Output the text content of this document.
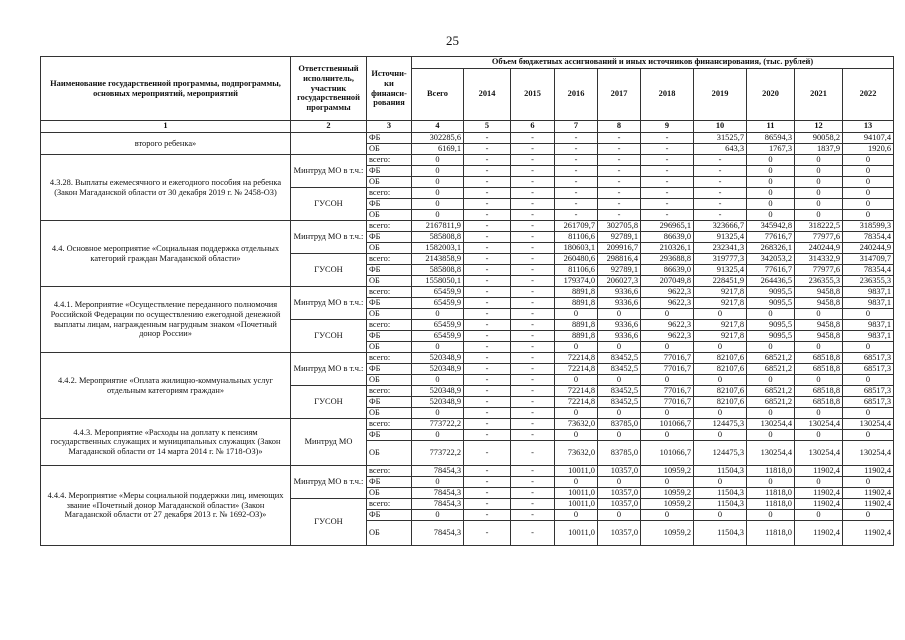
25
Наименование государственной программы, подпрограммы, основных мероприятий, мероприятий	Ответственный исполнитель, участник государственной программы	Источни-ки финанси-рования	Объем бюджетных ассигнований и иных источников финансирования, (тыс. рублей)									
			Всего	2014	2015	2016	2017	2018	2019	2020	2021	2022
1	2	3	4	5	6	7	8	9	10	11	12	13
второго ребенка»		ФБ	302285,6	-	-	-	-	-	31525,7	86594,3	90058,2	94107,4
		ОБ	6169,1	-	-	-	-	-	643,3	1767,3	1837,9	1920,6
4.3.28. Выплаты ежемесячного и ежегодного пособия на ребенка (Закон Магаданской области от 30 декабря 2019 г. № 2458-ОЗ)	Минтруд МО в т.ч.:	всего:	0	-	-	-	-	-	-	0	0	0
		ФБ	0	-	-	-	-	-	-	0	0	0
		ОБ	0	-	-	-	-	-	-	0	0	0
	ГУСОН	всего:	0	-	-	-	-	-	-	0	0	0
		ФБ	0	-	-	-	-	-	-	0	0	0
		ОБ	0	-	-	-	-	-	-	0	0	0
4.4. Основное мероприятие «Социальная поддержка отдельных категорий граждан Магаданской области»	Минтруд МО в т.ч.:	всего:	2167811,9	-	-	261709,7	302705,8	296965,1	323666,7	345942,8	318222,5	318599,3
		ФБ	585808,8	-	-	81106,6	92789,1	86639,0	91325,4	77616,7	77977,6	78354,4
		ОБ	1582003,1	-	-	180603,1	209916,7	210326,1	232341,3	268326,1	240244,9	240244,9
	ГУСОН	всего:	2143858,9	-	-	260480,6	298816,4	293688,8	319777,3	342053,2	314332,9	314709,7
		ФБ	585808,8	-	-	81106,6	92789,1	86639,0	91325,4	77616,7	77977,6	78354,4
		ОБ	1558050,1	-	-	179374,0	206027,3	207049,8	228451,9	264436,5	236355,3	236355,3
4.4.1. Мероприятие «Осуществление переданного полномочия Российской Федерации по осуществлению ежегодной денежной выплаты лицам, награжденным нагрудным знаком «Почетный донор России»	Минтруд МО в т.ч.:	всего:	65459,9	-	-	8891,8	9336,6	9622,3	9217,8	9095,5	9458,8	9837,1
		ФБ	65459,9	-	-	8891,8	9336,6	9622,3	9217,8	9095,5	9458,8	9837,1
		ОБ	0	-	-	0	0	0	0	0	0	0
	ГУСОН	всего:	65459,9	-	-	8891,8	9336,6	9622,3	9217,8	9095,5	9458,8	9837,1
		ФБ	65459,9	-	-	8891,8	9336,6	9622,3	9217,8	9095,5	9458,8	9837,1
		ОБ	0	-	-	0	0	0	0	0	0	0
4.4.2. Мероприятие «Оплата жилищно-коммунальных услуг отдельным категориям граждан»	Минтруд МО в т.ч.:	всего:	520348,9	-	-	72214,8	83452,5	77016,7	82107,6	68521,2	68518,8	68517,3
		ФБ	520348,9	-	-	72214,8	83452,5	77016,7	82107,6	68521,2	68518,8	68517,3
		ОБ	0	-	-	0	0	0	0	0	0	0
	ГУСОН	всего:	520348,9	-	-	72214,8	83452,5	77016,7	82107,6	68521,2	68518,8	68517,3
		ФБ	520348,9	-	-	72214,8	83452,5	77016,7	82107,6	68521,2	68518,8	68517,3
		ОБ	0	-	-	0	0	0	0	0	0	0
4.4.3. Мероприятие «Расходы на доплату к пенсиям государственных служащих и муниципальных служащих (Закон Магаданской области от 14 марта 2014 г. № 1718-ОЗ)»	Минтруд МО	всего:	773722,2	-	-	73632,0	83785,0	101066,7	124475,3	130254,4	130254,4	130254,4
		ФБ	0	-	-	0	0	0	0	0	0	0
		ОБ	773722,2	-	-	73632,0	83785,0	101066,7	124475,3	130254,4	130254,4	130254,4
4.4.4. Мероприятие «Меры социальной поддержки лиц, имеющих звание «Почетный донор Магаданской области» (Закон Магаданской области от 27 декабря 2013 г. № 1692-ОЗ)»	Минтруд МО в т.ч.:	всего:	78454,3	-	-	10011,0	10357,0	10959,2	11504,3	11818,0	11902,4	11902,4
		ФБ	0	-	-	0	0	0	0	0	0	0
		ОБ	78454,3	-	-	10011,0	10357,0	10959,2	11504,3	11818,0	11902,4	11902,4
	ГУСОН	всего:	78454,3	-	-	10011,0	10357,0	10959,2	11504,3	11818,0	11902,4	11902,4
		ФБ	0	-	-	0	0	0	0	0	0	0
		ОБ	78454,3	-	-	10011,0	10357,0	10959,2	11504,3	11818,0	11902,4	11902,4
